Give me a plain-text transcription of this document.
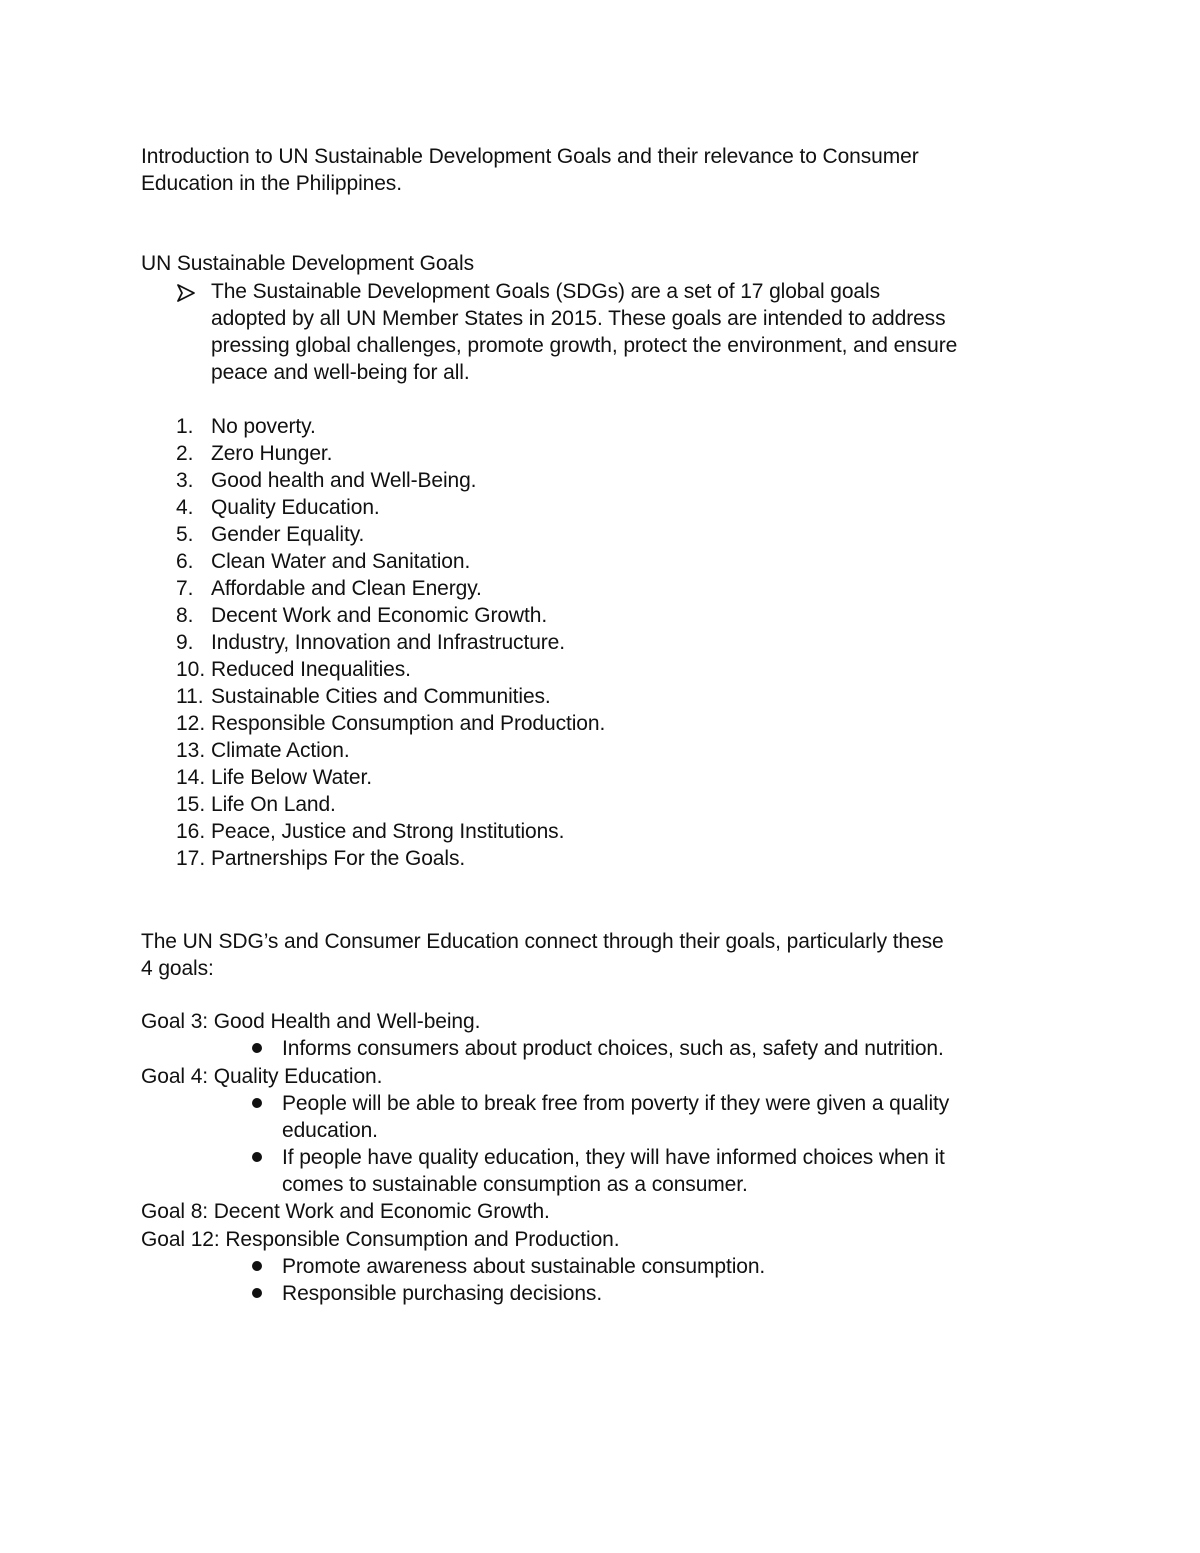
Introduction to UN Sustainable Development Goals and their relevance to Consumer
Education in the Philippines.
UN Sustainable Development Goals
The Sustainable Development Goals (SDGs) are a set of 17 global goals
adopted by all UN Member States in 2015. These goals are intended to address
pressing global challenges, promote growth, protect the environment, and ensure
peace and well-being for all.
1. No poverty.
2. Zero Hunger.
3. Good health and Well-Being.
4. Quality Education.
5. Gender Equality.
6. Clean Water and Sanitation.
7. Affordable and Clean Energy.
8. Decent Work and Economic Growth.
9. Industry, Innovation and Infrastructure.
10. Reduced Inequalities.
11. Sustainable Cities and Communities.
12. Responsible Consumption and Production.
13. Climate Action.
14. Life Below Water.
15. Life On Land.
16. Peace, Justice and Strong Institutions.
17. Partnerships For the Goals.
The UN SDG’s and Consumer Education connect through their goals, particularly these
4 goals:
Goal 3: Good Health and Well-being.
Informs consumers about product choices, such as, safety and nutrition.
Goal 4: Quality Education.
People will be able to break free from poverty if they were given a quality
education.
If people have quality education, they will have informed choices when it
comes to sustainable consumption as a consumer.
Goal 8: Decent Work and Economic Growth.
Goal 12: Responsible Consumption and Production.
Promote awareness about sustainable consumption.
Responsible purchasing decisions.
